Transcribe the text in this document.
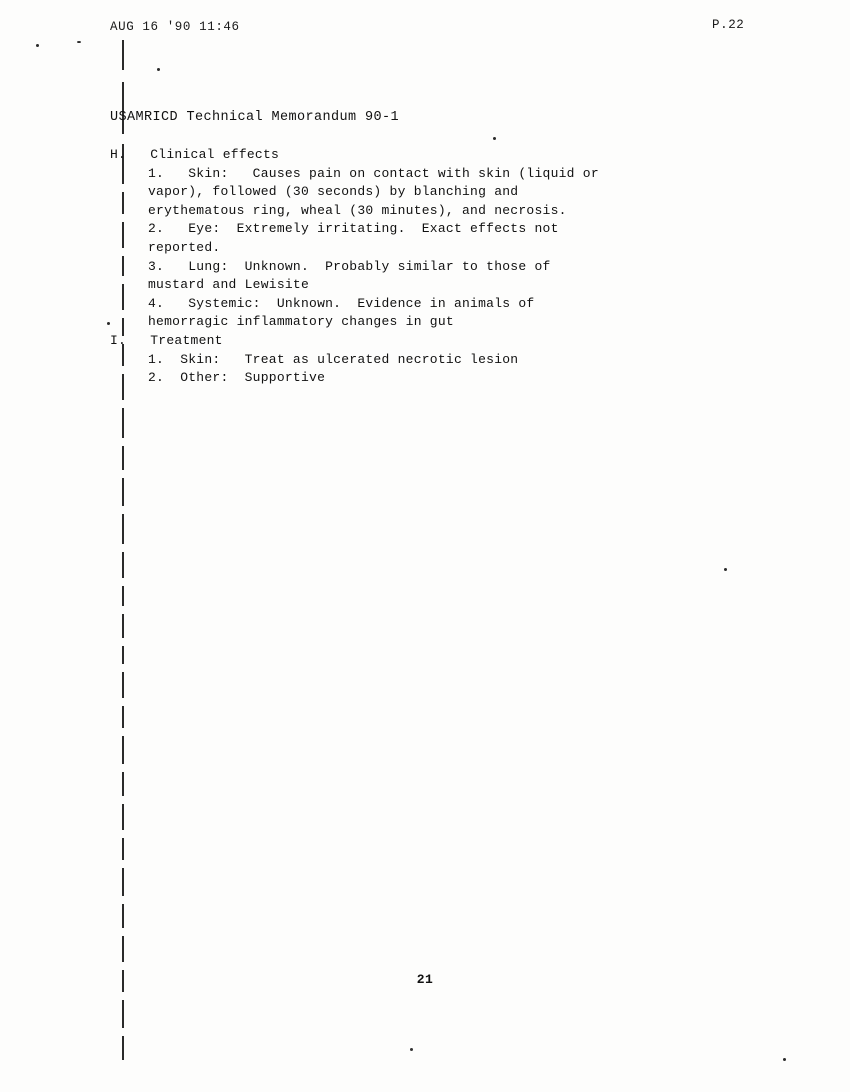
AUG 16 '90 11:46	P.22
USAMRICD Technical Memorandum 90-1
H.   Clinical effects
1.   Skin:   Causes pain on contact with skin (liquid or
vapor), followed (30 seconds) by blanching and
erythematous ring, wheal (30 minutes), and necrosis.
2.   Eye:  Extremely irritating.  Exact effects not
reported.
3.   Lung:  Unknown.  Probably similar to those of
mustard and Lewisite
4.   Systemic:  Unknown.  Evidence in animals of
hemorragic inflammatory changes in gut
I.   Treatment
1.  Skin:   Treat as ulcerated necrotic lesion
2.  Other:  Supportive
21
